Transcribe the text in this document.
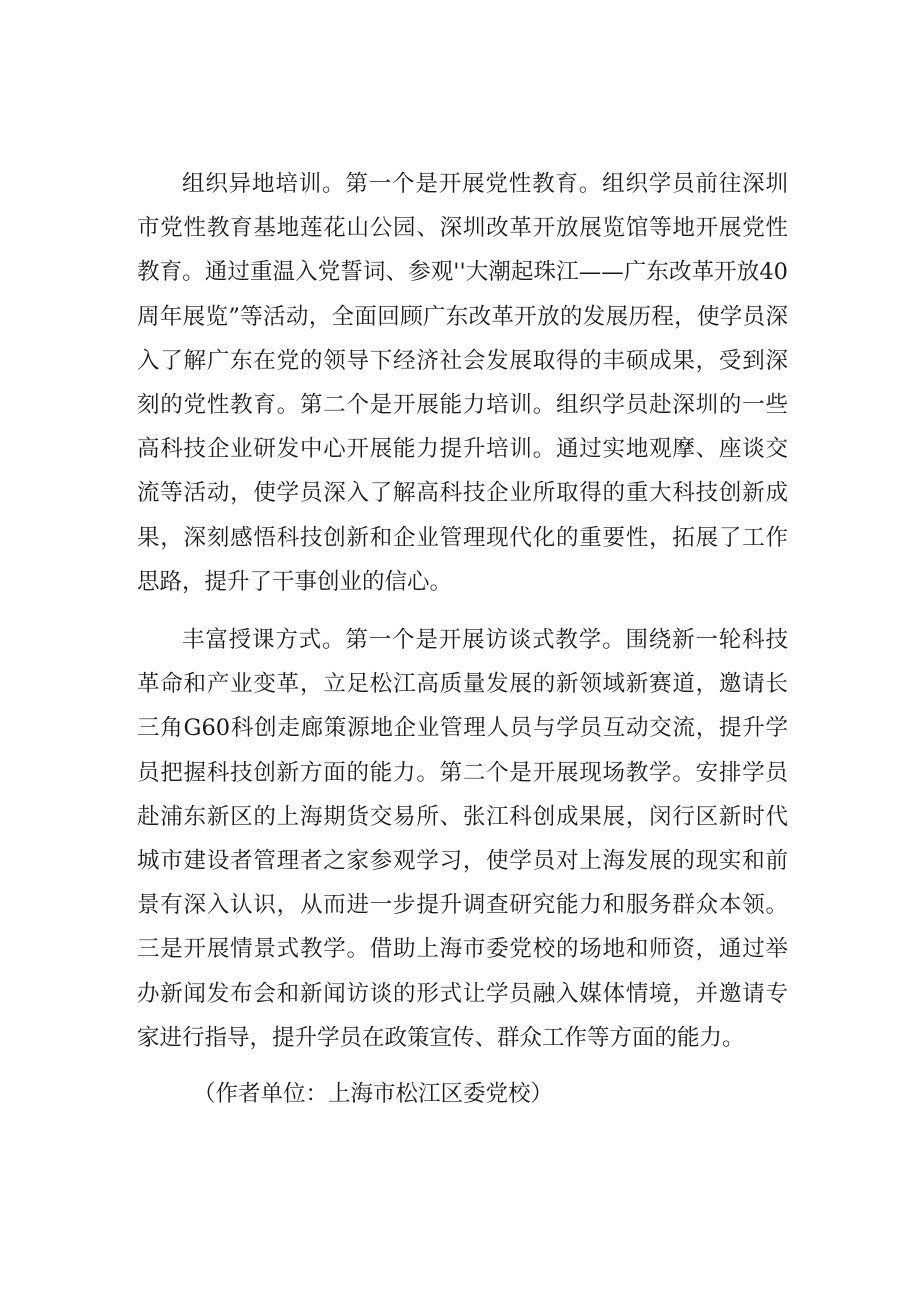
组织异地培训。第一个是开展党性教育。组织学员前往深圳市党性教育基地莲花山公园、深圳改革开放展览馆等地开展党性教育。通过重温入党誓词、参观''大潮起珠江——广东改革开放40周年展览”等活动，全面回顾广东改革开放的发展历程，使学员深入了解广东在党的领导下经济社会发展取得的丰硕成果，受到深刻的党性教育。第二个是开展能力培训。组织学员赴深圳的一些高科技企业研发中心开展能力提升培训。通过实地观摩、座谈交流等活动，使学员深入了解高科技企业所取得的重大科技创新成果，深刻感悟科技创新和企业管理现代化的重要性，拓展了工作思路，提升了干事创业的信心。

丰富授课方式。第一个是开展访谈式教学。围绕新一轮科技革命和产业变革，立足松江高质量发展的新领域新赛道，邀请长三角G60科创走廊策源地企业管理人员与学员互动交流，提升学员把握科技创新方面的能力。第二个是开展现场教学。安排学员赴浦东新区的上海期货交易所、张江科创成果展，闵行区新时代城市建设者管理者之家参观学习，使学员对上海发展的现实和前景有深入认识，从而进一步提升调查研究能力和服务群众本领。三是开展情景式教学。借助上海市委党校的场地和师资，通过举办新闻发布会和新闻访谈的形式让学员融入媒体情境，并邀请专家进行指导，提升学员在政策宣传、群众工作等方面的能力。

（作者单位：上海市松江区委党校）
